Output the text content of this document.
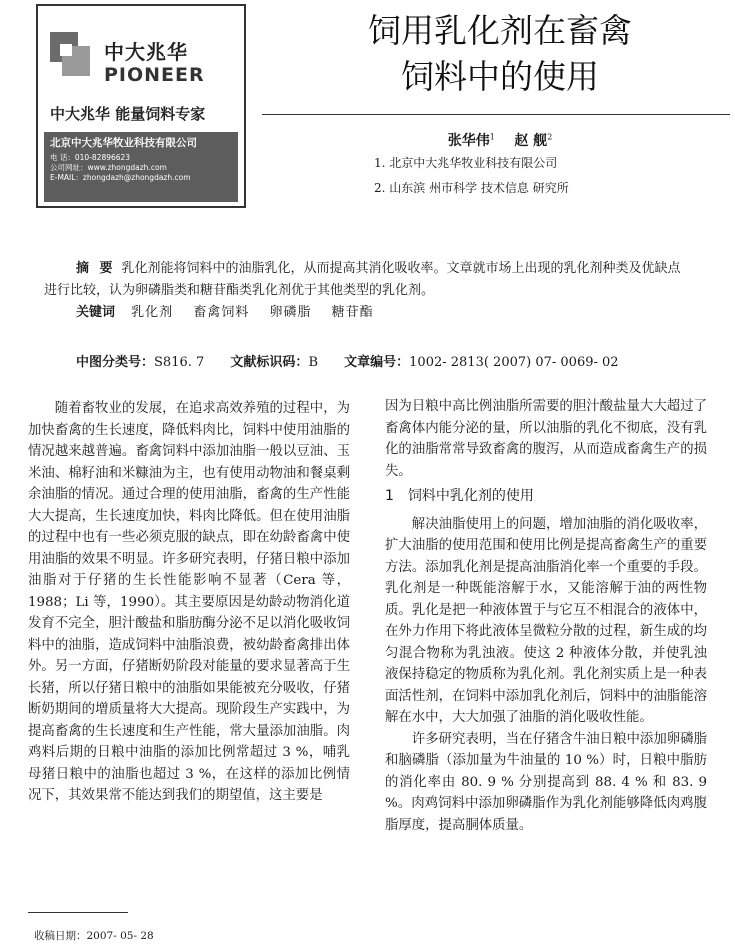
中大兆华
PIONEER
中大兆华 能量饲料专家
北京中大兆华牧业科技有限公司
电 话：010-82896623
公司网址：www.zhongdazh.com
E-MAIL：zhongdazh@zhongdazh.com
饲用乳化剂在畜禽
饲料中的使用
张华伟$^1$ 赵 舰$^2$
1. 北京中大兆华牧业科技有限公司
2. 山东滨 州市科学 技术信息 研究所
摘 要 乳化剂能将饲料中的油脂乳化，从而提高其消化吸收率。文章就市场上出现的乳化剂种类及优缺点进行比较，认为卵磷脂类和糖苷酯类乳化剂优于其他类型的乳化剂。
关键词 乳化剂 畜禽饲料 卵磷脂 糖苷酯
中图分类号：S816. 7 文献标识码：B 文章编号：1002- 2813( 2007) 07- 0069- 02

随着畜牧业的发展，在追求高效养殖的过程中，为加快畜禽的生长速度，降低料肉比，饲料中使用油脂的情况越来越普遍。畜禽饲料中添加油脂一般以豆油、玉米油、棉籽油和米糠油为主，也有使用动物油和餐桌剩余油脂的情况。通过合理的使用油脂，畜禽的生产性能大大提高，生长速度加快，料肉比降低。但在使用油脂的过程中也有一些必须克服的缺点，即在幼龄畜禽中使用油脂的效果不明显。许多研究表明，仔猪日粮中添加油脂对于仔猪的生长性能影响不显著（Cera 等，1988；Li 等，1990）。其主要原因是幼龄动物消化道发育不完全，胆汁酸盐和脂肪酶分泌不足以消化吸收饲料中的油脂，造成饲料中油脂浪费，被幼龄畜禽排出体外。另一方面，仔猪断奶阶段对能量的要求显著高于生长猪，所以仔猪日粮中的油脂如果能被充分吸收，仔猪断奶期间的增质量将大大提高。现阶段生产实践中，为提高畜禽的生长速度和生产性能，常大量添加油脂。肉鸡料后期的日粮中油脂的添加比例常超过 3 %，哺乳母猪日粮中的油脂也超过 3 %，在这样的添加比例情况下，其效果常不能达到我们的期望值，这主要是

因为日粮中高比例油脂所需要的胆汁酸盐量大大超过了畜禽体内能分泌的量，所以油脂的乳化不彻底，没有乳化的油脂常常导致畜禽的腹泻，从而造成畜禽生产的损失。

1 饲料中乳化剂的使用

解决油脂使用上的问题，增加油脂的消化吸收率，扩大油脂的使用范围和使用比例是提高畜禽生产的重要方法。添加乳化剂是提高油脂消化率一个重要的手段。乳化剂是一种既能溶解于水，又能溶解于油的两性物质。乳化是把一种液体置于与它互不相混合的液体中，在外力作用下将此液体呈微粒分散的过程，新生成的均匀混合物称为乳浊液。使这 2 种液体分散，并使乳浊液保持稳定的物质称为乳化剂。乳化剂实质上是一种表面活性剂，在饲料中添加乳化剂后，饲料中的油脂能溶解在水中，大大加强了油脂的消化吸收性能。

许多研究表明，当在仔猪含牛油日粮中添加卵磷脂和脑磷脂（添加量为牛油量的 10 %）时，日粮中脂肪的消化率由 80. 9 % 分别提高到 88. 4 % 和 83. 9 %。肉鸡饲料中添加卵磷脂作为乳化剂能够降低肉鸡腹脂厚度，提高胴体质量。

收稿日期：2007- 05- 28
